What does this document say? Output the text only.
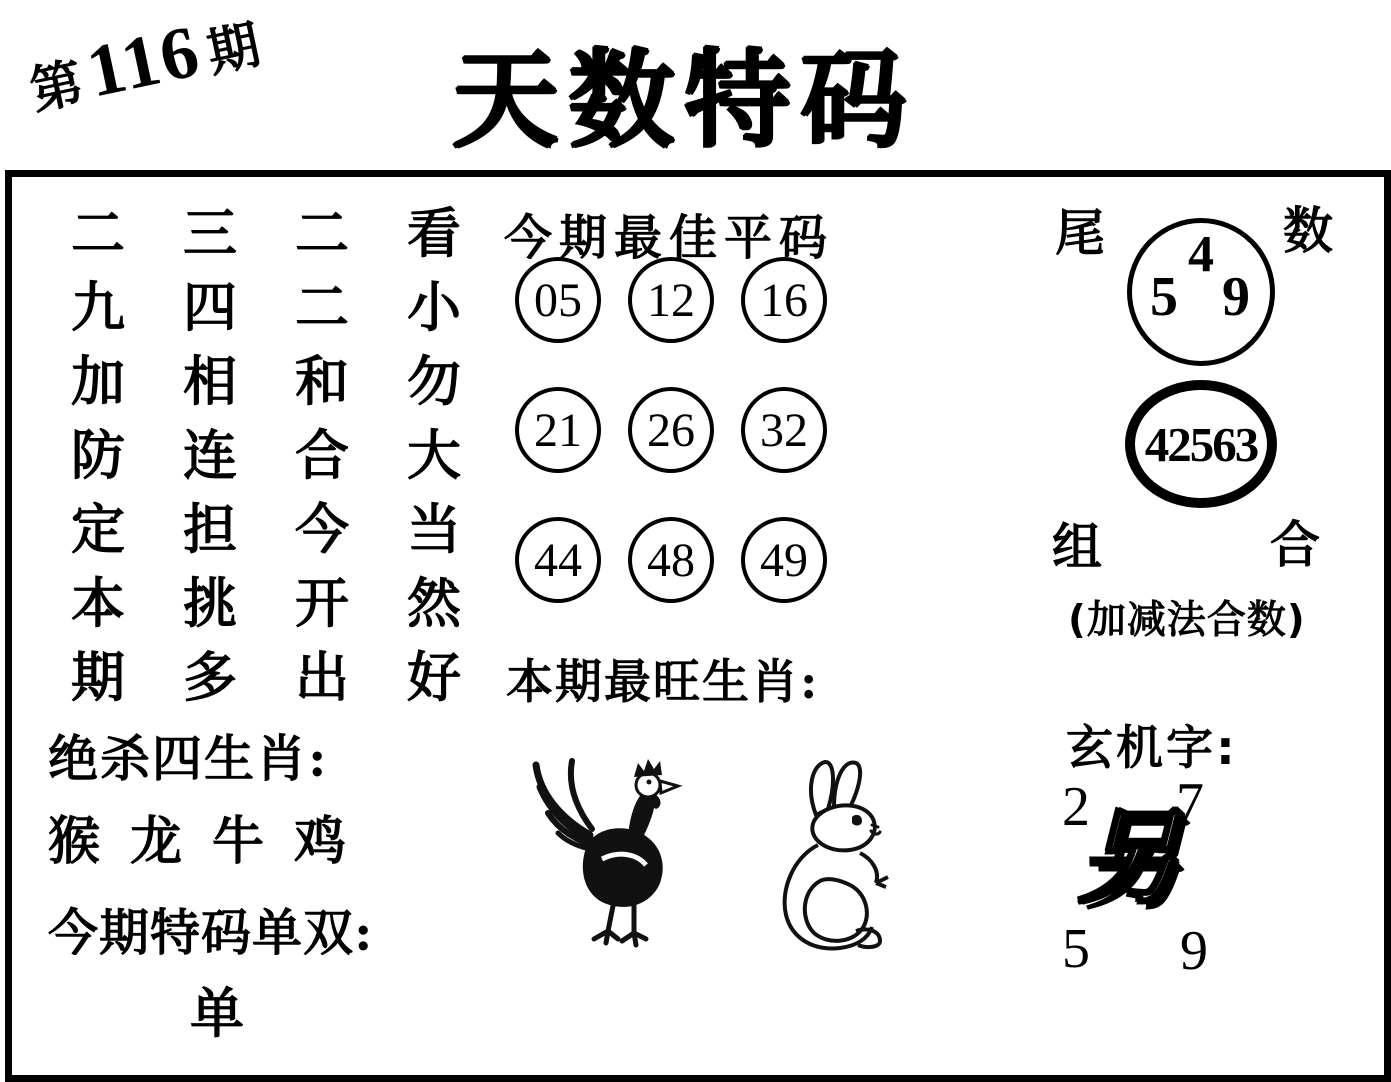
第116期 天数特码
二	三	二	看
九	四	二	小
加	相	和	勿
防	连	合	大
定	担	今	当
本	挑	开	然
期	多	出	好
绝杀四生肖:
猴 龙 牛 鸡
今期特码单双:
单
今期最佳平码
05	12	16
21	26	32
44	48	49
本期最旺生肖:
尾	数
4
5 9
42563
组	合
(加减法合数)
玄机字:
2 7
另
5 9
